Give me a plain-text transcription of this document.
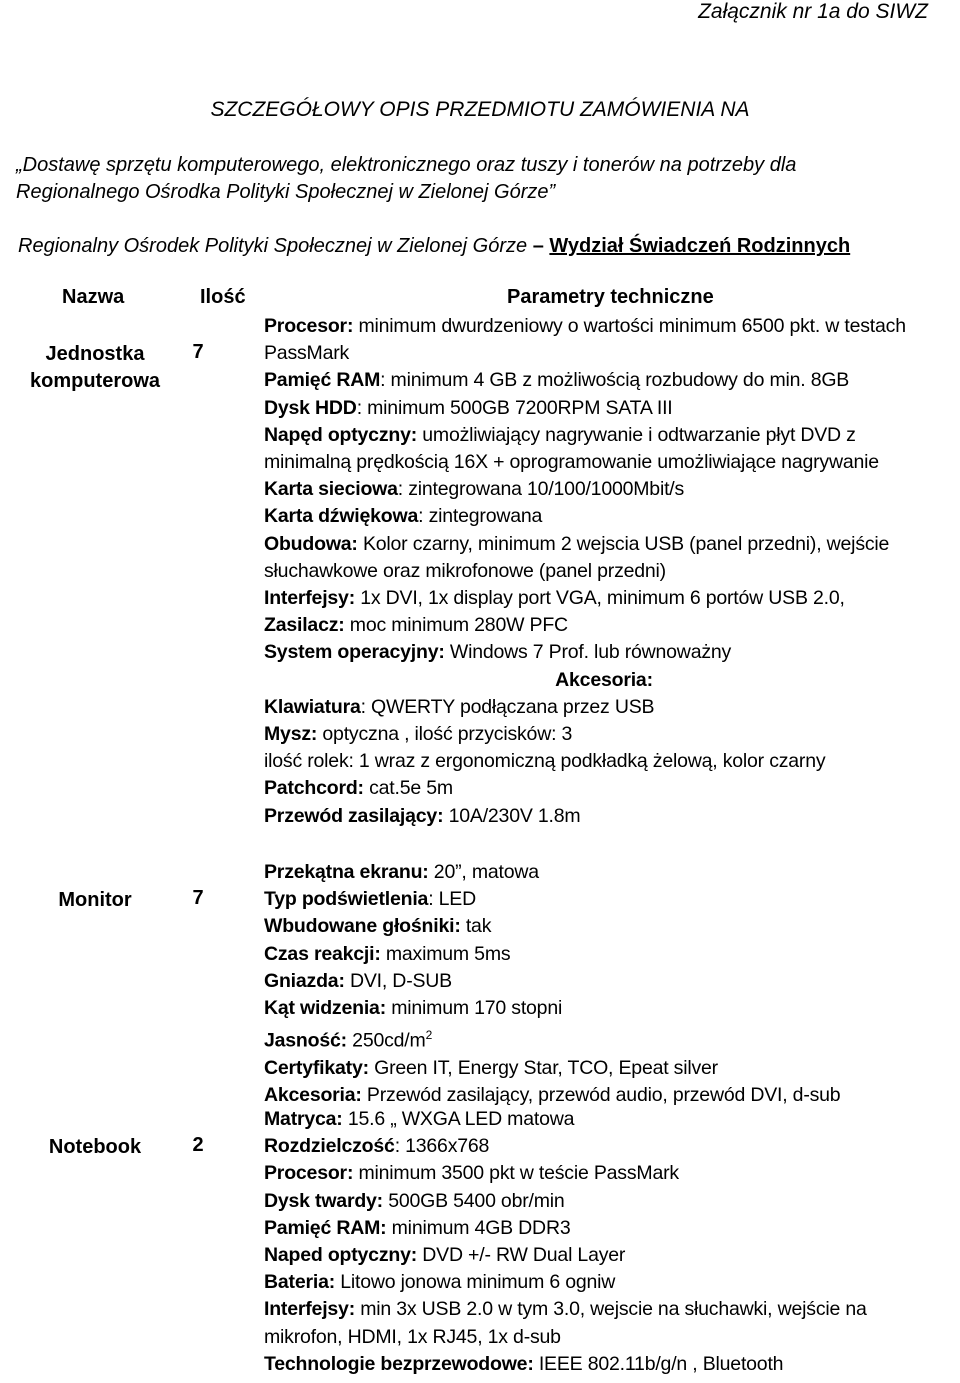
Załącznik nr 1a do SIWZ
SZCZEGÓŁOWY OPIS PRZEDMIOTU ZAMÓWIENIA NA
„Dostawę sprzętu komputerowego, elektronicznego oraz tuszy i tonerów na potrzeby dla
Regionalnego Ośrodka Polityki Społecznej w Zielonej Górze”
Regionalny Ośrodek Polityki Społecznej w Zielonej Górze – Wydział Świadczeń Rodzinnych
Nazwa	Ilość	Parametry techniczne
Jednostka
komputerowa
7
Procesor: minimum dwurdzeniowy o wartości minimum 6500 pkt. w testach
PassMark
Pamięć RAM: minimum 4 GB z możliwością rozbudowy do min. 8GB
Dysk HDD: minimum 500GB 7200RPM SATA III
Napęd optyczny: umożliwiający nagrywanie i odtwarzanie płyt DVD z
minimalną prędkością 16X + oprogramowanie umożliwiające nagrywanie
Karta sieciowa: zintegrowana 10/100/1000Mbit/s
Karta dźwiękowa: zintegrowana
Obudowa: Kolor czarny, minimum 2 wejscia USB (panel przedni), wejście
słuchawkowe oraz mikrofonowe (panel przedni)
Interfejsy: 1x DVI, 1x display port VGA, minimum 6 portów USB 2.0,
Zasilacz: moc minimum 280W PFC
System operacyjny: Windows 7 Prof. lub równoważny
Akcesoria:
Klawiatura: QWERTY podłączana przez USB
Mysz: optyczna , ilość przycisków: 3
ilość rolek: 1 wraz z ergonomiczną podkładką żelową, kolor czarny
Patchcord: cat.5e 5m
Przewód zasilający: 10A/230V 1.8m
Monitor	7
Przekątna ekranu: 20”, matowa
Typ podświetlenia: LED
Wbudowane głośniki: tak
Czas reakcji: maximum 5ms
Gniazda: DVI, D-SUB
Kąt widzenia: minimum 170 stopni
Jasność: $250cd/m^2$
Certyfikaty: Green IT, Energy Star, TCO, Epeat silver
Akcesoria: Przewód zasilający, przewód audio, przewód DVI, d-sub
Notebook	2
Matryca: 15.6 „ WXGA LED matowa
Rozdzielczość: 1366x768
Procesor: minimum 3500 pkt w teście PassMark
Dysk twardy: 500GB 5400 obr/min
Pamięć RAM: minimum 4GB DDR3
Naped optyczny: DVD +/- RW Dual Layer
Bateria: Litowo jonowa minimum 6 ogniw
Interfejsy: min 3x USB 2.0 w tym 3.0, wejscie na słuchawki, wejście na
mikrofon, HDMI, 1x RJ45, 1x d-sub
Technologie bezprzewodowe: IEEE 802.11b/g/n , Bluetooth
